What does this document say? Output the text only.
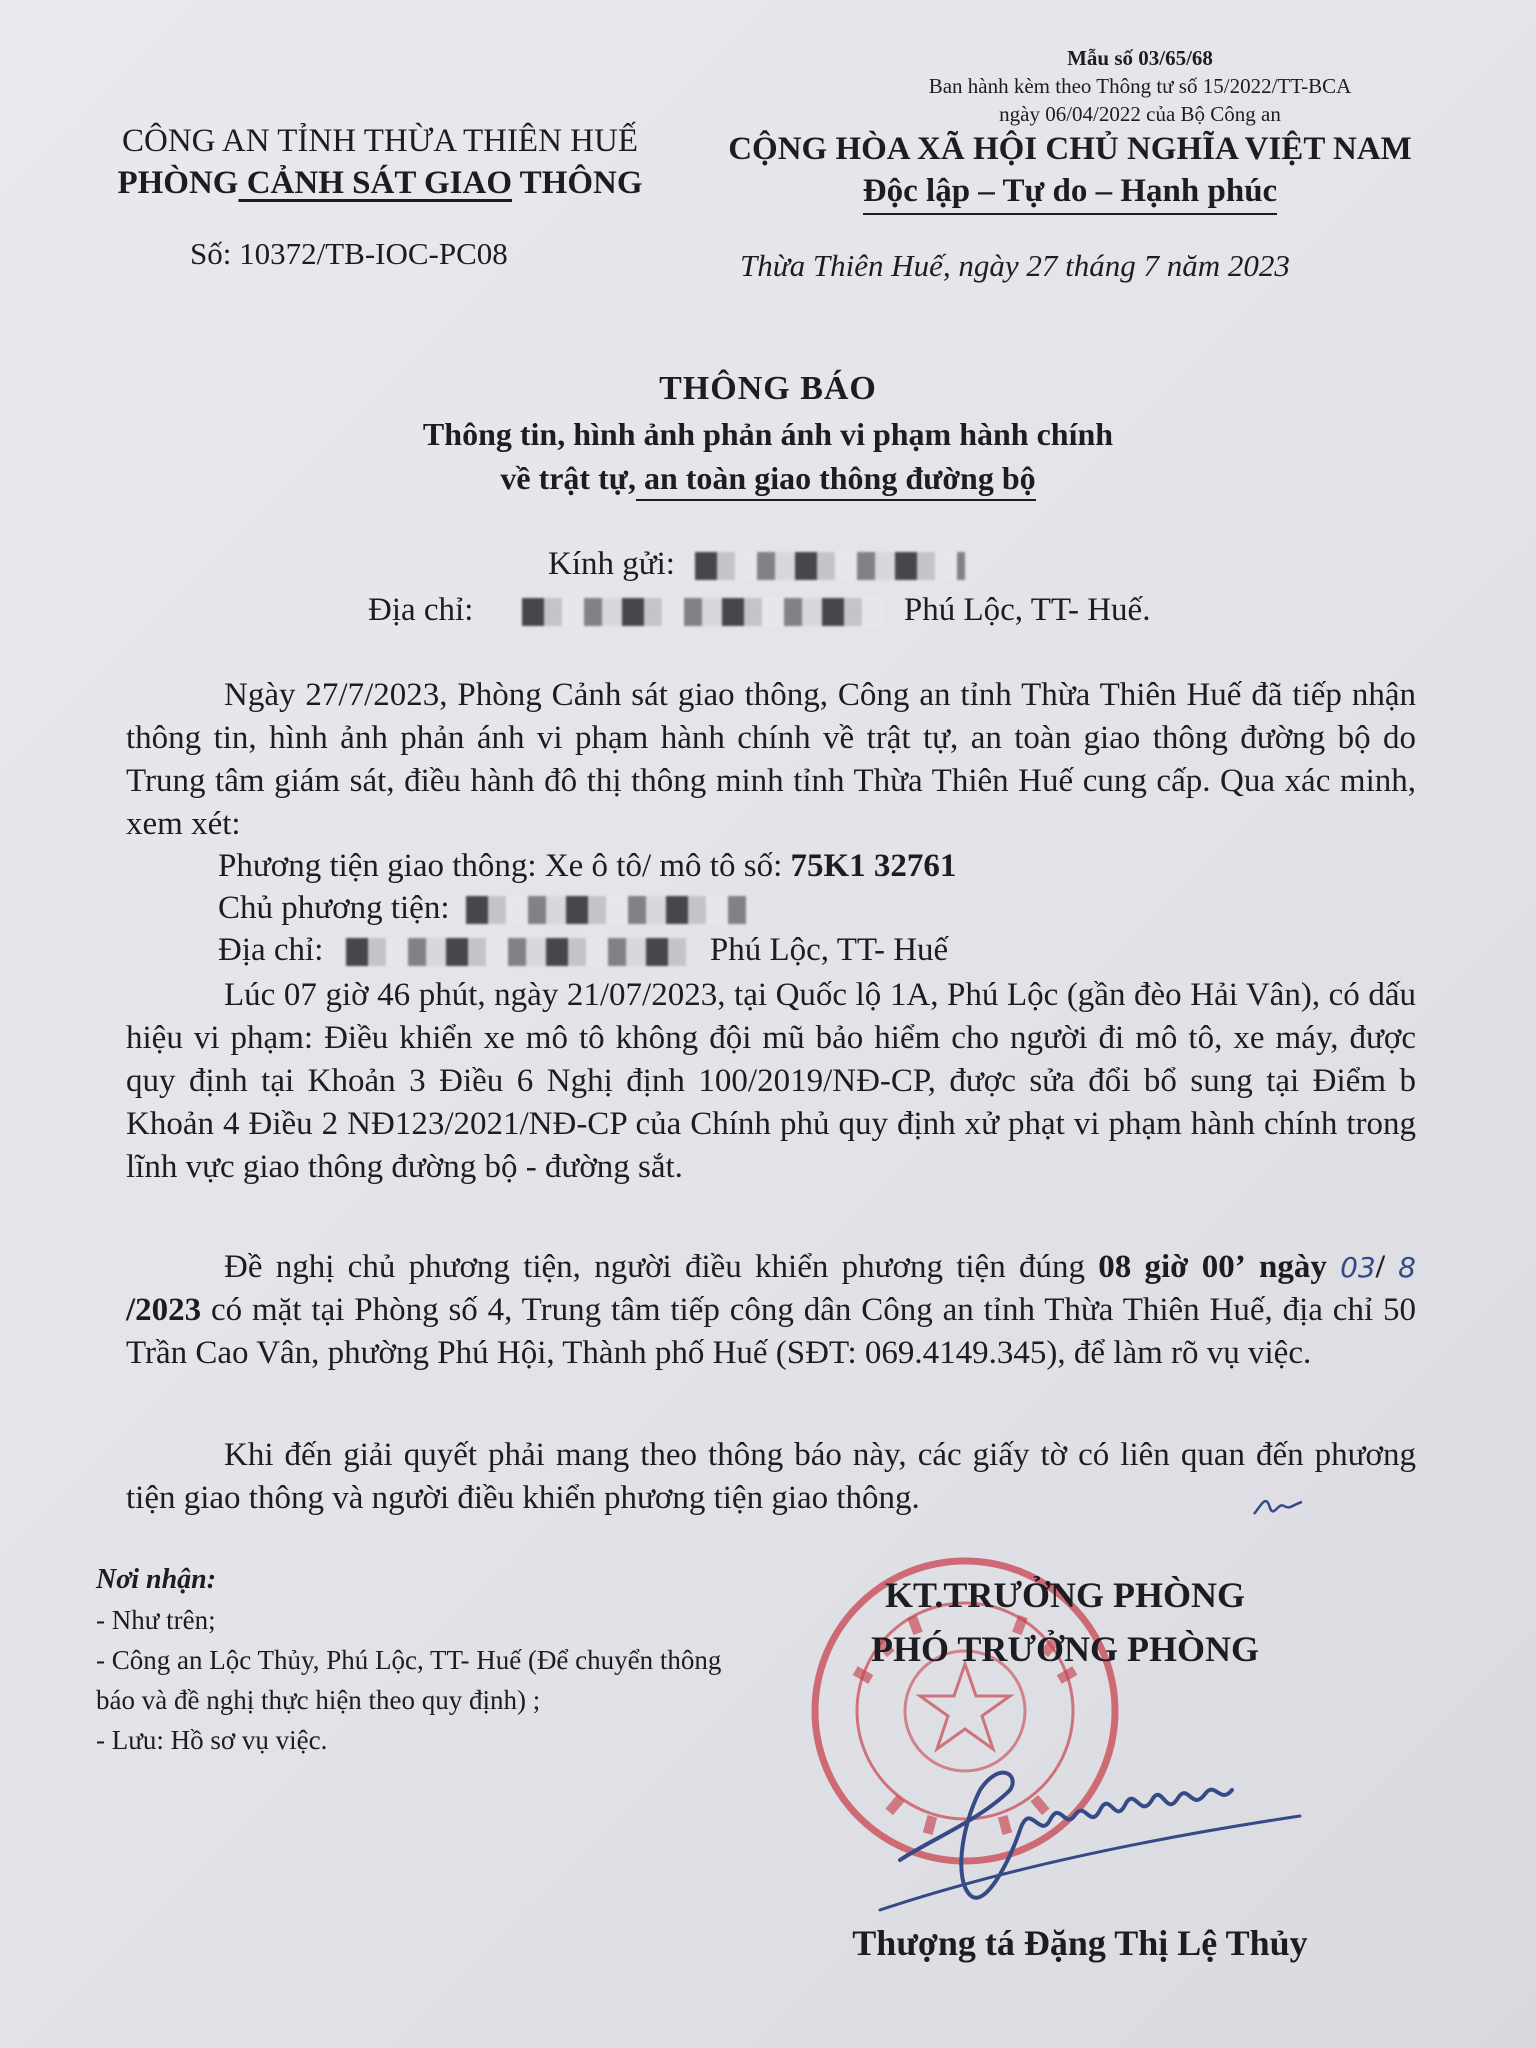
Mẫu số 03/65/68
Ban hành kèm theo Thông tư số 15/2022/TT-BCA
ngày 06/04/2022 của Bộ Công an
CÔNG AN TỈNH THỪA THIÊN HUẾ
PHÒNG CẢNH SÁT GIAO THÔNG
CỘNG HÒA XÃ HỘI CHỦ NGHĨA VIỆT NAM
Độc lập – Tự do – Hạnh phúc
Số: 10372/TB-IOC-PC08	Thừa Thiên Huế, ngày 27 tháng 7 năm 2023
THÔNG BÁO
Thông tin, hình ảnh phản ánh vi phạm hành chính
về trật tự, an toàn giao thông đường bộ
Kính gửi:
Địa chỉ:	Phú Lộc, TT- Huế.
Ngày 27/7/2023, Phòng Cảnh sát giao thông, Công an tỉnh Thừa Thiên Huế đã tiếp nhận thông tin, hình ảnh phản ánh vi phạm hành chính về trật tự, an toàn giao thông đường bộ do Trung tâm giám sát, điều hành đô thị thông minh tỉnh Thừa Thiên Huế cung cấp. Qua xác minh, xem xét:
Phương tiện giao thông: Xe ô tô/ mô tô số: 75K1 32761
Chủ phương tiện:
Địa chỉ:	Phú Lộc, TT- Huế
Lúc 07 giờ 46 phút, ngày 21/07/2023, tại Quốc lộ 1A, Phú Lộc (gần đèo Hải Vân), có dấu hiệu vi phạm: Điều khiển xe mô tô không đội mũ bảo hiểm cho người đi mô tô, xe máy, được quy định tại Khoản 3 Điều 6 Nghị định 100/2019/NĐ-CP, được sửa đổi bổ sung tại Điểm b Khoản 4 Điều 2 NĐ123/2021/NĐ-CP của Chính phủ quy định xử phạt vi phạm hành chính trong lĩnh vực giao thông đường bộ - đường sắt.
Đề nghị chủ phương tiện, người điều khiển phương tiện đúng 08 giờ 00’ ngày 03/ 8 /2023 có mặt tại Phòng số 4, Trung tâm tiếp công dân Công an tỉnh Thừa Thiên Huế, địa chỉ 50 Trần Cao Vân, phường Phú Hội, Thành phố Huế (SĐT: 069.4149.345), để làm rõ vụ việc.
Khi đến giải quyết phải mang theo thông báo này, các giấy tờ có liên quan đến phương tiện giao thông và người điều khiển phương tiện giao thông.
Nơi nhận:
- Như trên;
- Công an Lộc Thủy, Phú Lộc, TT- Huế (Để chuyển thông báo và đề nghị thực hiện theo quy định) ;
- Lưu: Hồ sơ vụ việc.
KT.TRƯỞNG PHÒNG
PHÓ TRƯỞNG PHÒNG
Thượng tá Đặng Thị Lệ Thủy
